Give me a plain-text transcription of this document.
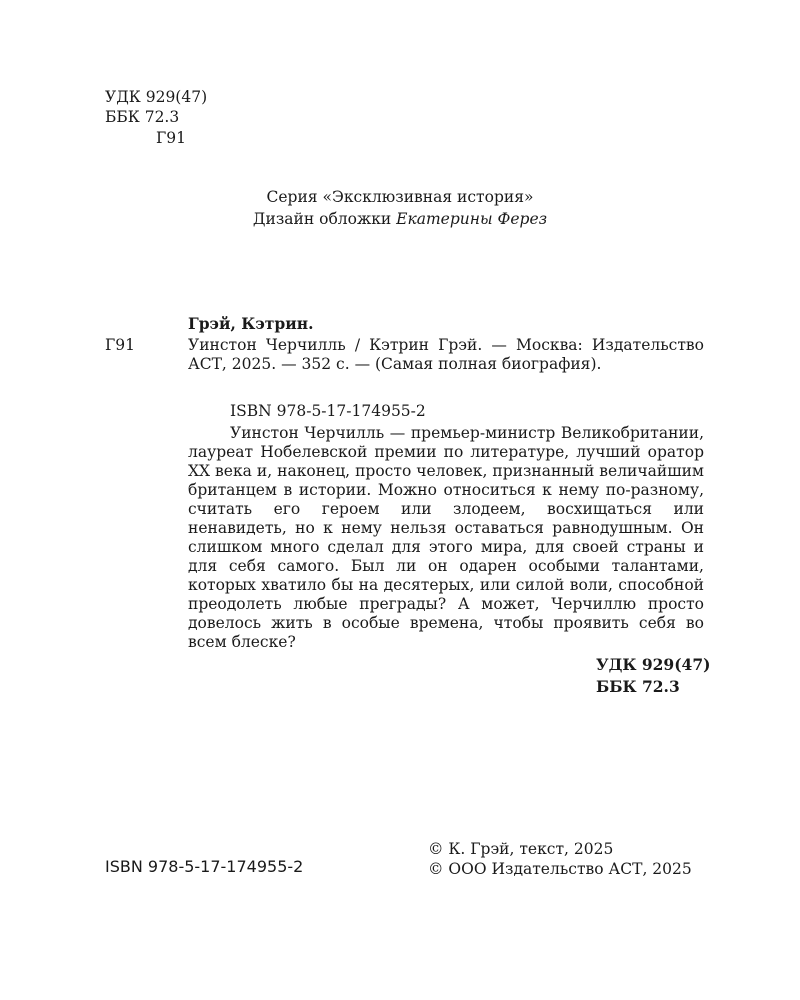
УДК 929(47)
ББК 72.3
Г91
Серия «Эксклюзивная история»
Дизайн обложки Екатерины Ферез
Грэй, Кэтрин.
Г91	Уинстон Черчилль / Кэтрин Грэй. — Москва: Издательство АСТ, 2025. — 352 с. — (Самая полная биография).
ISBN 978-5-17-174955-2
Уинстон Черчилль — премьер-министр Великобритании, лауреат Нобелевской премии по литературе, лучший оратор XX века и, наконец, просто человек, признанный величайшим британцем в истории. Можно относиться к нему по-разному, считать его героем или злодеем, восхищаться или ненавидеть, но к нему нельзя оставаться равнодушным. Он слишком много сделал для этого мира, для своей страны и для себя самого. Был ли он одарен особыми талантами, которых хватило бы на десятерых, или силой воли, способной преодолеть любые преграды? А может, Черчиллю просто довелось жить в особые времена, чтобы проявить себя во всем блеске?
УДК 929(47)
ББК 72.3
ISBN 978-5-17-174955-2
© К. Грэй, текст, 2025
© ООО Издательство АСТ, 2025
